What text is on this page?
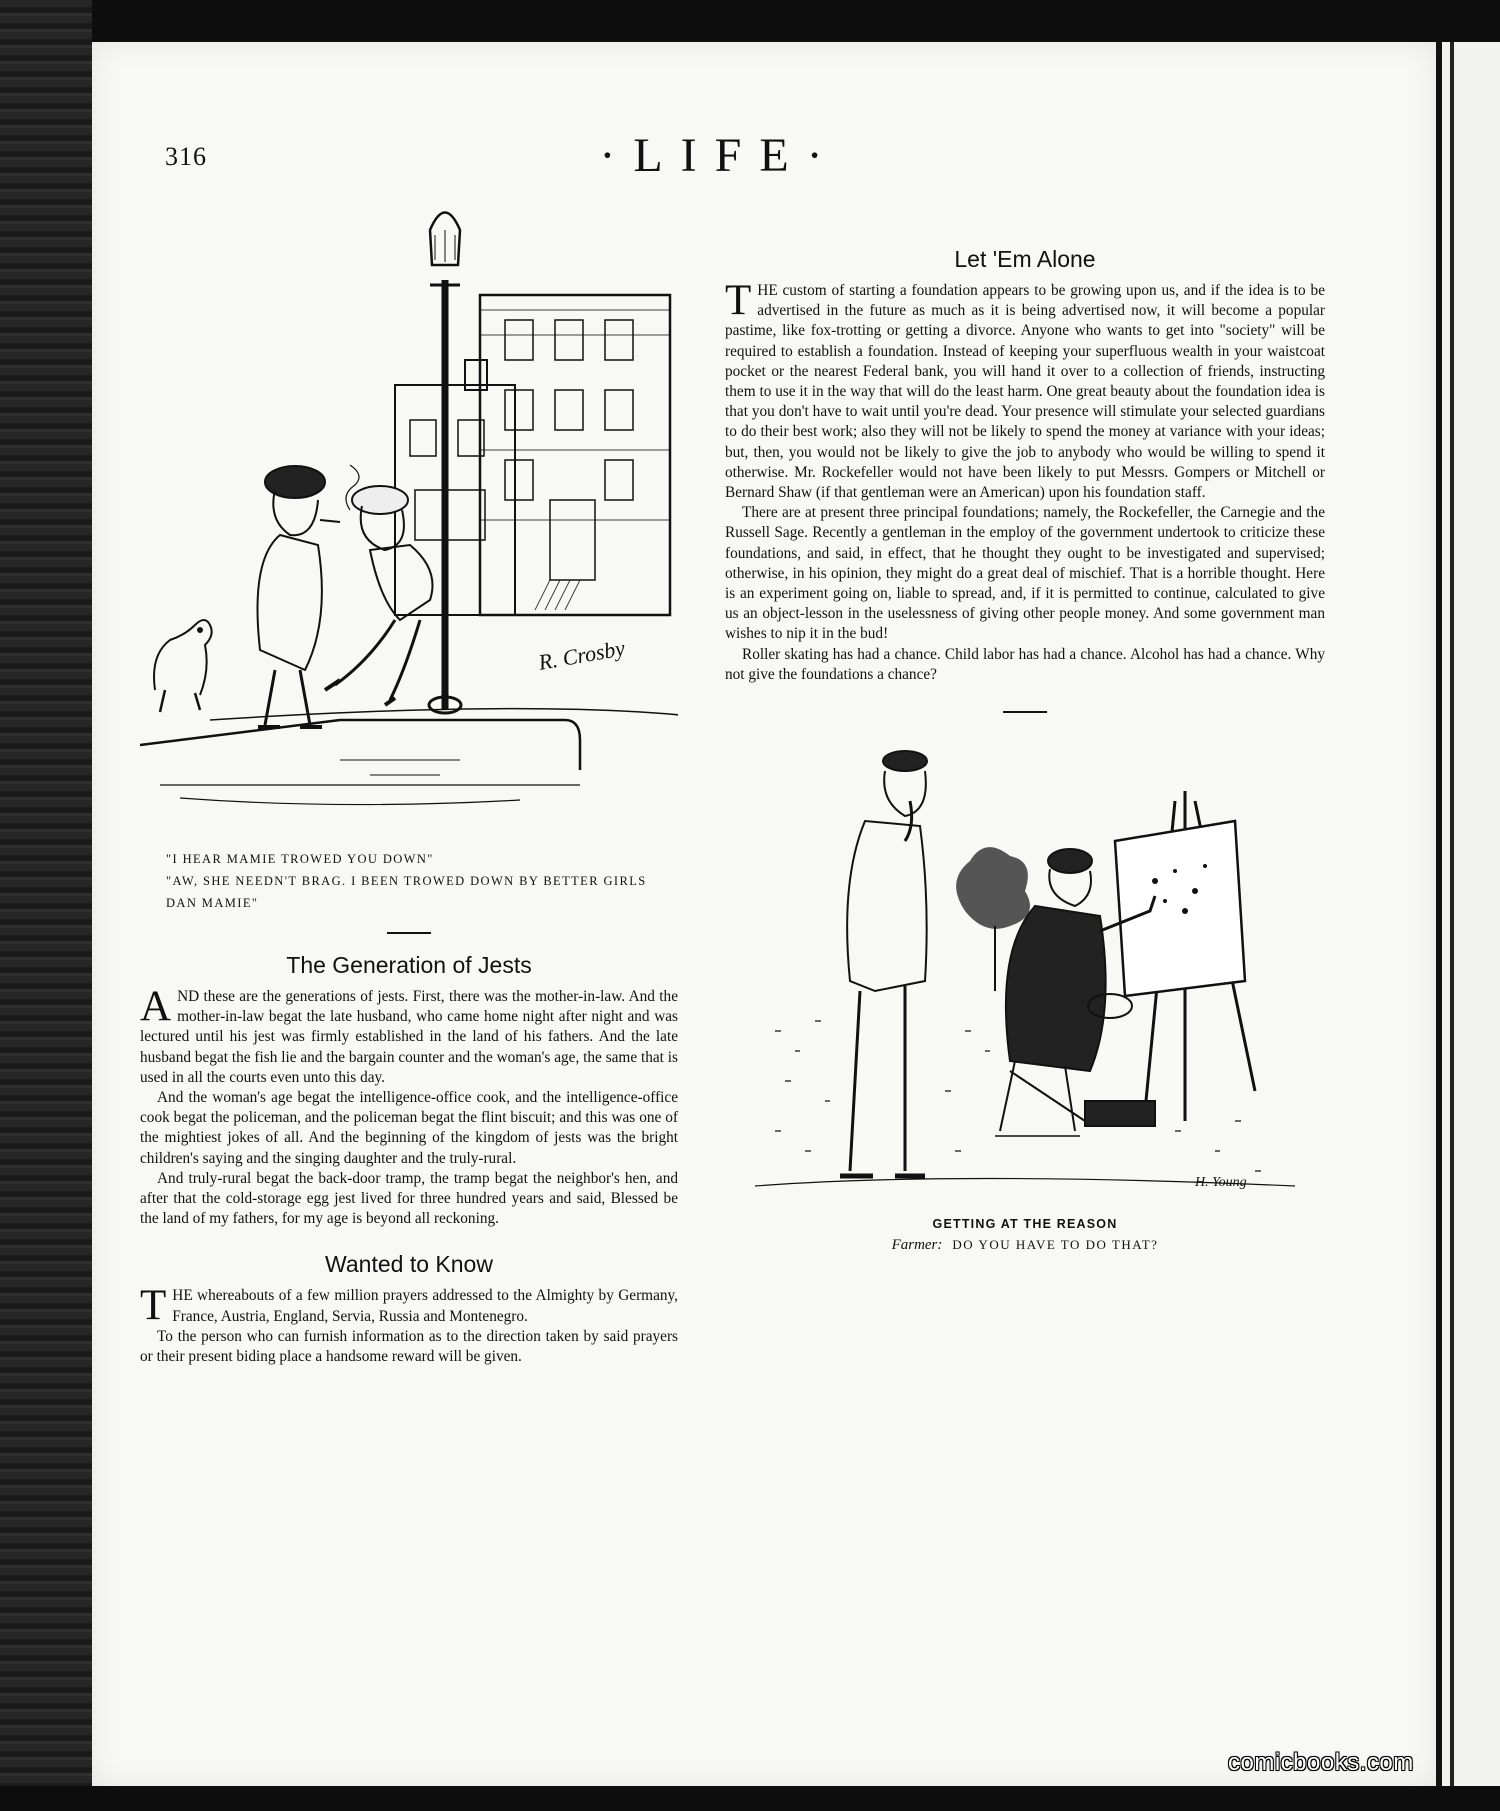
316	·LIFE·
R. Crosby

"I HEAR MAMIE TROWED YOU DOWN"

"AW, SHE NEEDN'T BRAG. I BEEN TROWED DOWN BY BETTER GIRLS DAN MAMIE"

The Generation of Jests

AND these are the generations of jests. First, there was the mother-in-law. And the mother-in-law begat the late husband, who came home night after night and was lectured until his jest was firmly established in the land of his fathers. And the late husband begat the fish lie and the bargain counter and the woman's age, the same that is used in all the courts even unto this day.

And the woman's age begat the intelligence-office cook, and the intelligence-office cook begat the policeman, and the policeman begat the flint biscuit; and this was one of the mightiest jokes of all. And the beginning of the kingdom of jests was the bright children's saying and the singing daughter and the truly-rural.

And truly-rural begat the back-door tramp, the tramp begat the neighbor's hen, and after that the cold-storage egg jest lived for three hundred years and said, Blessed be the land of my fathers, for my age is beyond all reckoning.

Wanted to Know

THE whereabouts of a few million prayers addressed to the Almighty by Germany, France, Austria, England, Servia, Russia and Montenegro.

To the person who can furnish information as to the direction taken by said prayers or their present biding place a handsome reward will be given.

Let 'Em Alone

THE custom of starting a foundation appears to be growing upon us, and if the idea is to be advertised in the future as much as it is being advertised now, it will become a popular pastime, like fox-trotting or getting a divorce. Anyone who wants to get into "society" will be required to establish a foundation. Instead of keeping your superfluous wealth in your waistcoat pocket or the nearest Federal bank, you will hand it over to a collection of friends, instructing them to use it in the way that will do the least harm. One great beauty about the foundation idea is that you don't have to wait until you're dead. Your presence will stimulate your selected guardians to do their best work; also they will not be likely to spend the money at variance with your ideas; but, then, you would not be likely to give the job to anybody who would be willing to spend it otherwise. Mr. Rockefeller would not have been likely to put Messrs. Gompers or Mitchell or Bernard Shaw (if that gentleman were an American) upon his foundation staff.

There are at present three principal foundations; namely, the Rockefeller, the Carnegie and the Russell Sage. Recently a gentleman in the employ of the government undertook to criticize these foundations, and said, in effect, that he thought they ought to be investigated and supervised; otherwise, in his opinion, they might do a great deal of mischief. That is a horrible thought. Here is an experiment going on, liable to spread, and, if it is permitted to continue, calculated to give us an object-lesson in the uselessness of giving other people money. And some government man wishes to nip it in the bud!

Roller skating has had a chance. Child labor has had a chance. Alcohol has had a chance. Why not give the foundations a chance?

H. Young
GETTING AT THE REASON
Farmer: DO YOU HAVE TO DO THAT?
comicbooks.com
